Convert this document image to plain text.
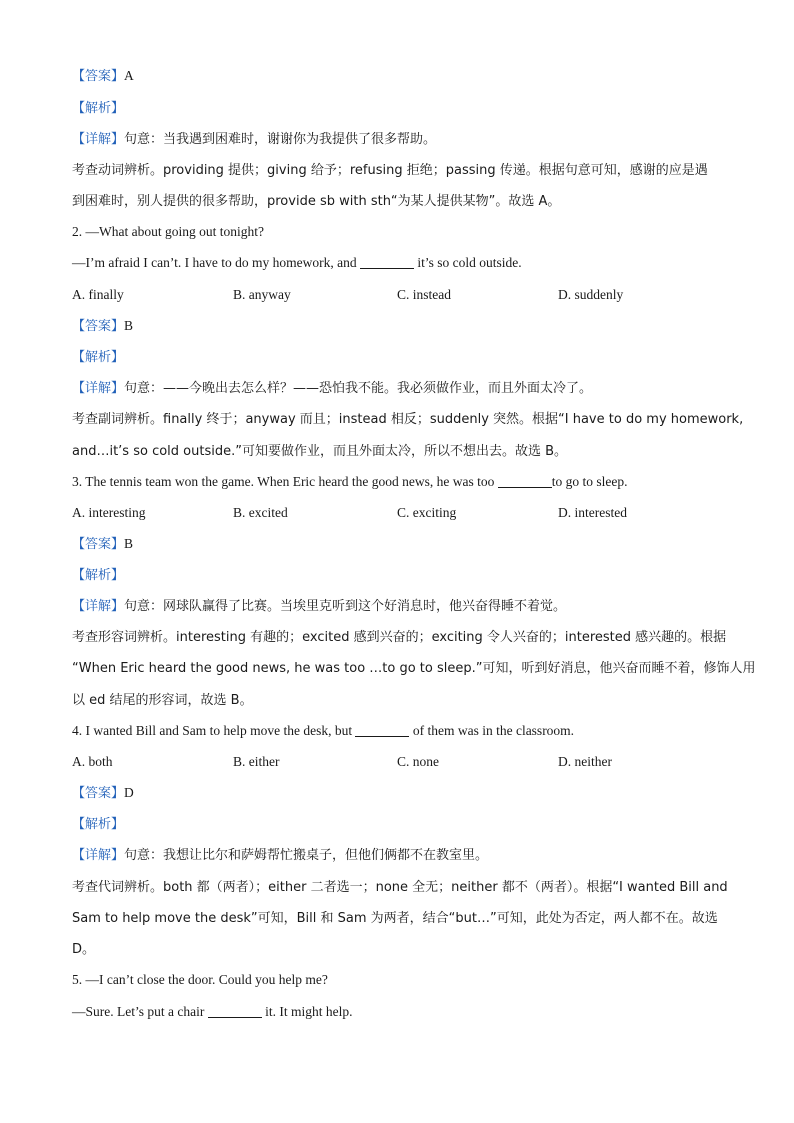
【答案】A
【解析】
【详解】句意：当我遇到困难时，谢谢你为我提供了很多帮助。
考查动词辨析。providing 提供；giving 给予；refusing 拒绝；passing 传递。根据句意可知，感谢的应是遇
到困难时，别人提供的很多帮助，provide sb with sth“为某人提供某物”。故选 A。
2. —What about going out tonight?
—I’m afraid I can’t. I have to do my homework, and	it’s so cold outside.
A. finally	B. anyway	C. instead	D. suddenly
【答案】B
【解析】
【详解】句意：——今晚出去怎么样？——恐怕我不能。我必须做作业，而且外面太冷了。
考查副词辨析。finally 终于；anyway 而且；instead 相反；suddenly 突然。根据“I have to do my homework,
and…it’s so cold outside.”可知要做作业，而且外面太冷，所以不想出去。故选 B。
3. The tennis team won the game. When Eric heard the good news, he was too	to go to sleep.
A. interesting	B. excited	C. exciting	D. interested
【答案】B
【解析】
【详解】句意：网球队赢得了比赛。当埃里克听到这个好消息时，他兴奋得睡不着觉。
考查形容词辨析。interesting 有趣的；excited 感到兴奋的；exciting 令人兴奋的；interested 感兴趣的。根据
“When Eric heard the good news, he was too …to go to sleep.”可知，听到好消息，他兴奋而睡不着，修饰人用
以 ed 结尾的形容词，故选 B。
4. I wanted Bill and Sam to help move the desk, but	of them was in the classroom.
A. both	B. either	C. none	D. neither
【答案】D
【解析】
【详解】句意：我想让比尔和萨姆帮忙搬桌子，但他们俩都不在教室里。
考查代词辨析。both 都（两者）；either 二者选一；none 全无；neither 都不（两者）。根据“I wanted Bill and
Sam to help move the desk”可知，Bill 和 Sam 为两者，结合“but…”可知，此处为否定，两人都不在。故选
D。
5. —I can’t close the door. Could you help me?
—Sure. Let’s put a chair	it. It might help.
